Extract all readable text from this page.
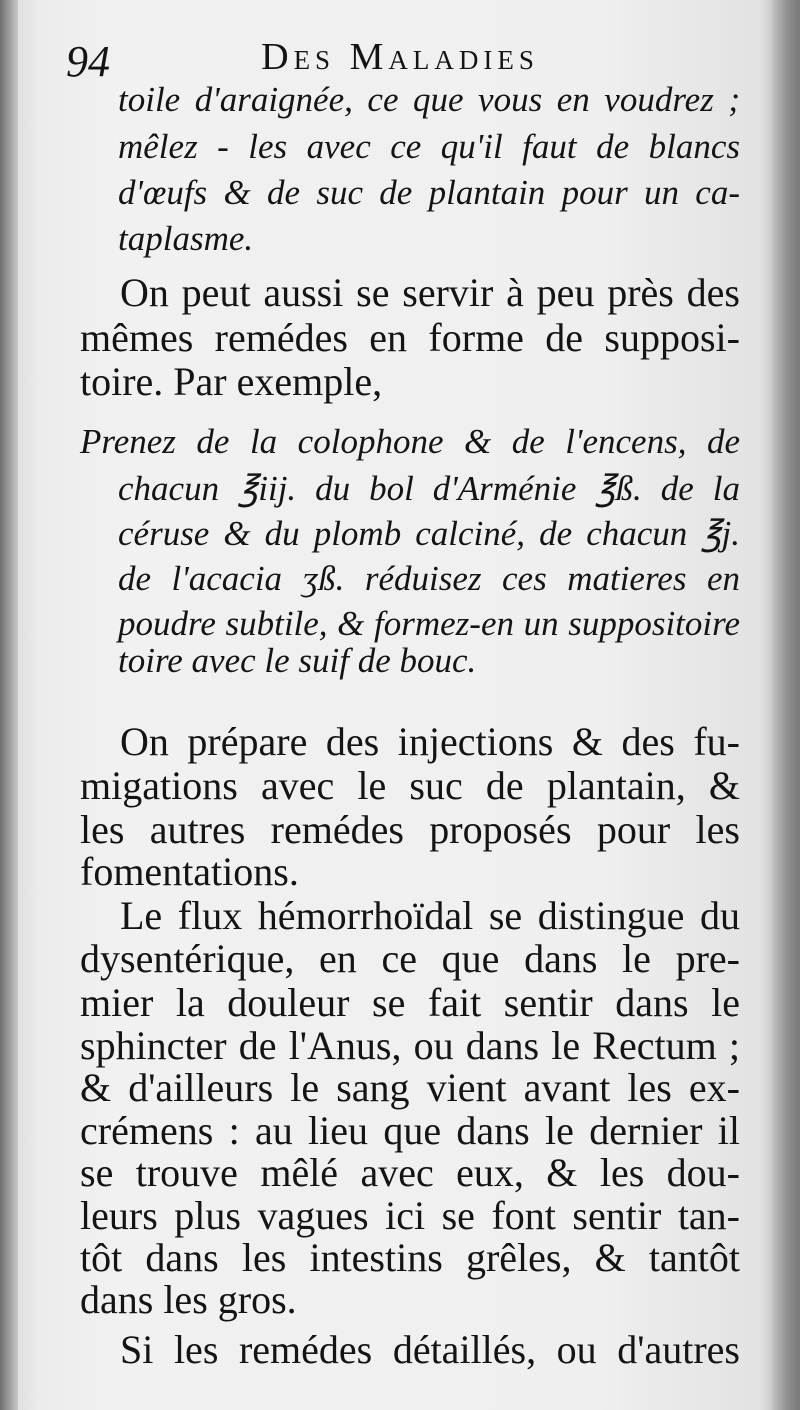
94	Des Maladies
toile d'araignée, ce que vous en voudrez ;
mêlez - les avec ce qu'il faut de blancs
d'œufs & de suc de plantain pour un ca-
taplasme.
On peut aussi se servir à peu près des
mêmes remédes en forme de supposi-
toire. Par exemple,
Prenez de la colophone & de l'encens, de
chacun ℥iij. du bol d'Arménie ℥ß. de la
céruse & du plomb calciné, de chacun ℥j.
de l'acacia ʒß. réduisez ces matieres en
poudre subtile, & formez-en un suppositoire
toire avec le suif de bouc.
On prépare des injections & des fu-
migations avec le suc de plantain, &
les autres remédes proposés pour les
fomentations.
Le flux hémorrhoïdal se distingue du
dysentérique, en ce que dans le pre-
mier la douleur se fait sentir dans le
sphincter de l'Anus, ou dans le Rectum ;
& d'ailleurs le sang vient avant les ex-
crémens : au lieu que dans le dernier il
se trouve mêlé avec eux, & les dou-
leurs plus vagues ici se font sentir tan-
tôt dans les intestins grêles, & tantôt
dans les gros.
Si les remédes détaillés, ou d'autres
